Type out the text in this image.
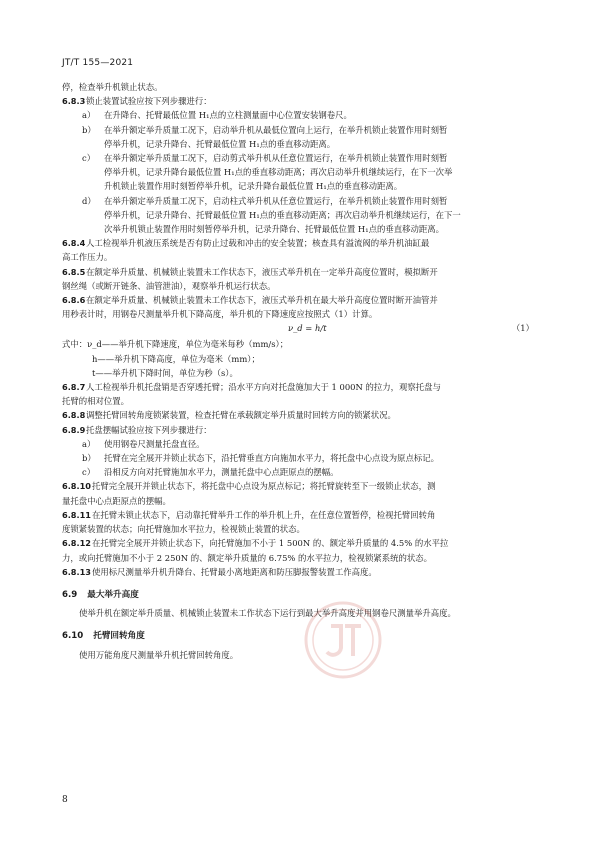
JT/T 155—2021

停，检查举升机锁止状态。

6.8.3 锁止装置试验应按下列步骤进行：
a）	在升降台、托臂最低位置 H₁点的立柱测量面中心位置安装钢卷尺。
b） 在举升额定举升质量工况下，启动举升机从最低位置向上运行，在举升机锁止装置作用时刻暂

停举升机，记录升降台、托臂最低位置 H₁点的垂直移动距离。

c）	在举升额定举升质量工况下，启动剪式举升机从任意位置运行，在举升机锁止装置作用时刻暂

停举升机，记录升降台最低位置 H₁点的垂直移动距离；再次启动举升机继续运行，在下一次举

升机锁止装置作用时刻暂停举升机，记录升降台最低位置 H₁点的垂直移动距离。

d） 在举升额定举升质量工况下，启动柱式举升机从任意位置运行，在举升机锁止装置作用时刻暂

停举升机，记录升降台、托臂最低位置 H₁点的垂直移动距离；再次启动举升机继续运行，在下一

次举升机锁止装置作用时刻暂停举升机，记录升降台、托臂最低位置 H₁点的垂直移动距离。

6.8.4 人工检视举升机液压系统是否有防止过载和冲击的安全装置；核查具有溢流阀的举升机油缸最

高工作压力。

6.8.5 在额定举升质量、机械锁止装置未工作状态下，液压式举升机在一定举升高度位置时，模拟断开

钢丝绳（或断开链条、油管泄油），观察举升机运行状态。

6.8.6 在额定举升质量、机械锁止装置未工作状态下，液压式举升机在最大举升高度位置时断开油管并

用秒表计时，用钢卷尺测量举升机下降高度，举升机的下降速度应按照式（1）计算。

ν_d = h/t	（1）

式中：ν_d——举升机下降速度，单位为毫米每秒（mm/s）；

h——举升机下降高度，单位为毫米（mm）；

t——举升机下降时间，单位为秒（s）。

6.8.7 人工检视举升机托盘销是否穿透托臂；沿水平方向对托盘施加大于 1 000N 的拉力，观察托盘与

托臂的相对位置。

6.8.8 调整托臂回转角度锁紧装置，检查托臂在承载额定举升质量时回转方向的锁紧状况。
6.8.9 托盘摆幅试验应按下列步骤进行：
a）	使用钢卷尺测量托盘直径。
b） 托臂在完全展开并锁止状态下，沿托臂垂直方向施加水平力，将托盘中心点设为原点标记。
c）	沿相反方向对托臂施加水平力，测量托盘中心点距原点的摆幅。
6.8.10 托臂完全展开并锁止状态下，将托盘中心点设为原点标记；将托臂旋转至下一级锁止状态，测

量托盘中心点距原点的摆幅。

6.8.11 在托臂未锁止状态下，启动靠托臂举升工作的举升机上升，在任意位置暂停，检视托臂回转角

度锁紧装置的状态；向托臂施加水平拉力，检视锁止装置的状态。

6.8.12 在托臂完全展开并锁止状态下，向托臂施加不小于 1 500N 的、额定举升质量的 4.5% 的水平拉

力，或向托臂施加不小于 2 250N 的、额定举升质量的 6.75% 的水平拉力，检视锁紧系统的状态。

6.8.13 使用标尺测量举升机升降台、托臂最小离地距离和防压脚报警装置工作高度。
6.9 最大举升高度

使举升机在额定举升质量、机械锁止装置未工作状态下运行到最大举升高度并用钢卷尺测量举升高度。

6.10 托臂回转角度

使用万能角度尺测量举升机托臂回转角度。

8
